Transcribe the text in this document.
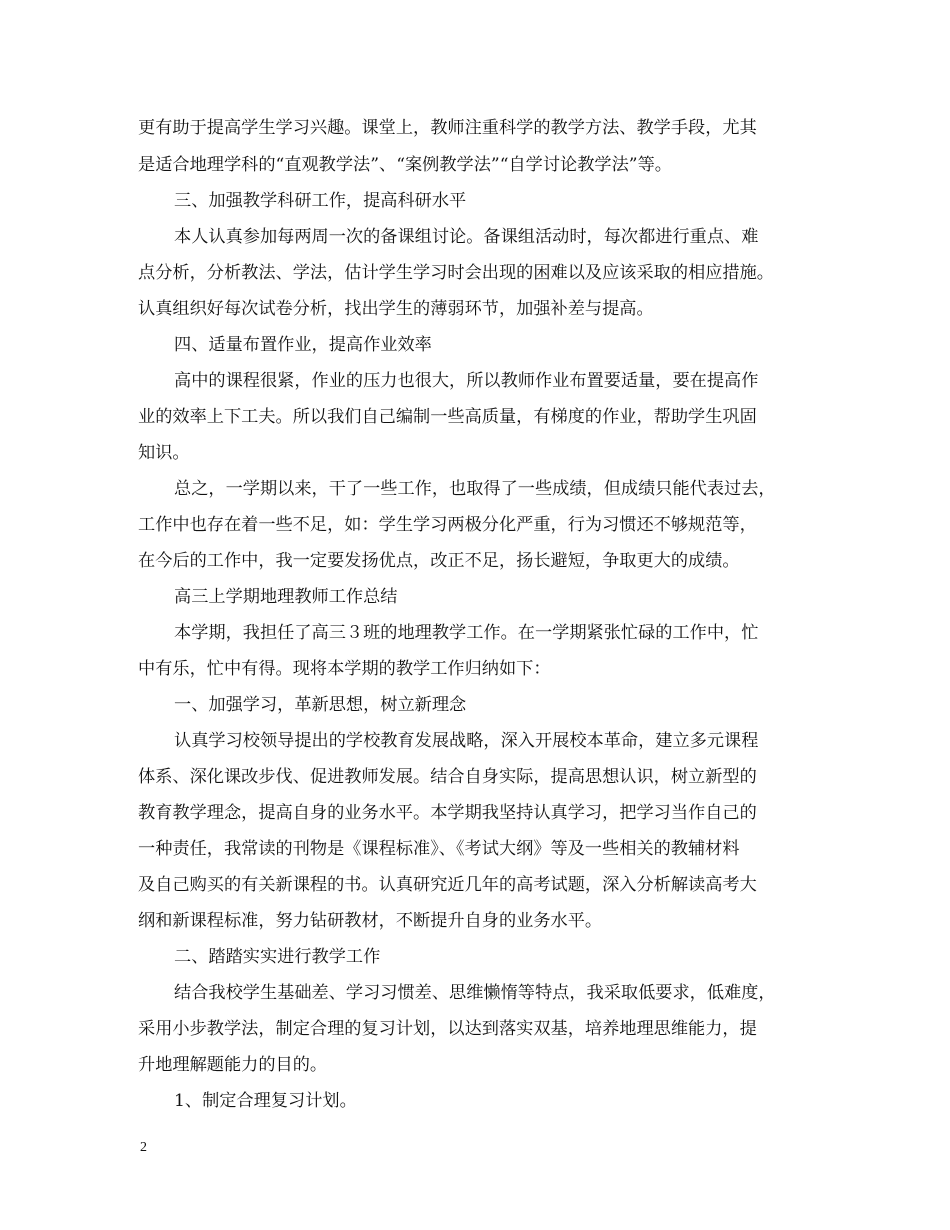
更有助于提高学生学习兴趣。课堂上，教师注重科学的教学方法、教学手段，尤其
是适合地理学科的“直观教学法”、“案例教学法”“自学讨论教学法”等。
三、加强教学科研工作，提高科研水平
本人认真参加每两周一次的备课组讨论。备课组活动时，每次都进行重点、难
点分析，分析教法、学法，估计学生学习时会出现的困难以及应该采取的相应措施。
认真组织好每次试卷分析，找出学生的薄弱环节，加强补差与提高。
四、适量布置作业，提高作业效率
高中的课程很紧，作业的压力也很大，所以教师作业布置要适量，要在提高作
业的效率上下工夫。所以我们自己编制一些高质量，有梯度的作业，帮助学生巩固
知识。
总之，一学期以来，干了一些工作，也取得了一些成绩，但成绩只能代表过去，
工作中也存在着一些不足，如：学生学习两极分化严重，行为习惯还不够规范等，
在今后的工作中，我一定要发扬优点，改正不足，扬长避短，争取更大的成绩。
高三上学期地理教师工作总结
本学期，我担任了高三３班的地理教学工作。在一学期紧张忙碌的工作中，忙
中有乐，忙中有得。现将本学期的教学工作归纳如下：
一、加强学习，革新思想，树立新理念
认真学习校领导提出的学校教育发展战略，深入开展校本革命，建立多元课程
体系、深化课改步伐、促进教师发展。结合自身实际，提高思想认识，树立新型的
教育教学理念，提高自身的业务水平。本学期我坚持认真学习，把学习当作自己的
一种责任，我常读的刊物是《课程标准》、《考试大纲》等及一些相关的教辅材料
及自己购买的有关新课程的书。认真研究近几年的高考试题，深入分析解读高考大
纲和新课程标准，努力钻研教材，不断提升自身的业务水平。
二、踏踏实实进行教学工作
结合我校学生基础差、学习习惯差、思维懒惰等特点，我采取低要求，低难度，
采用小步教学法，制定合理的复习计划，以达到落实双基，培养地理思维能力，提
升地理解题能力的目的。
1、制定合理复习计划。
2
